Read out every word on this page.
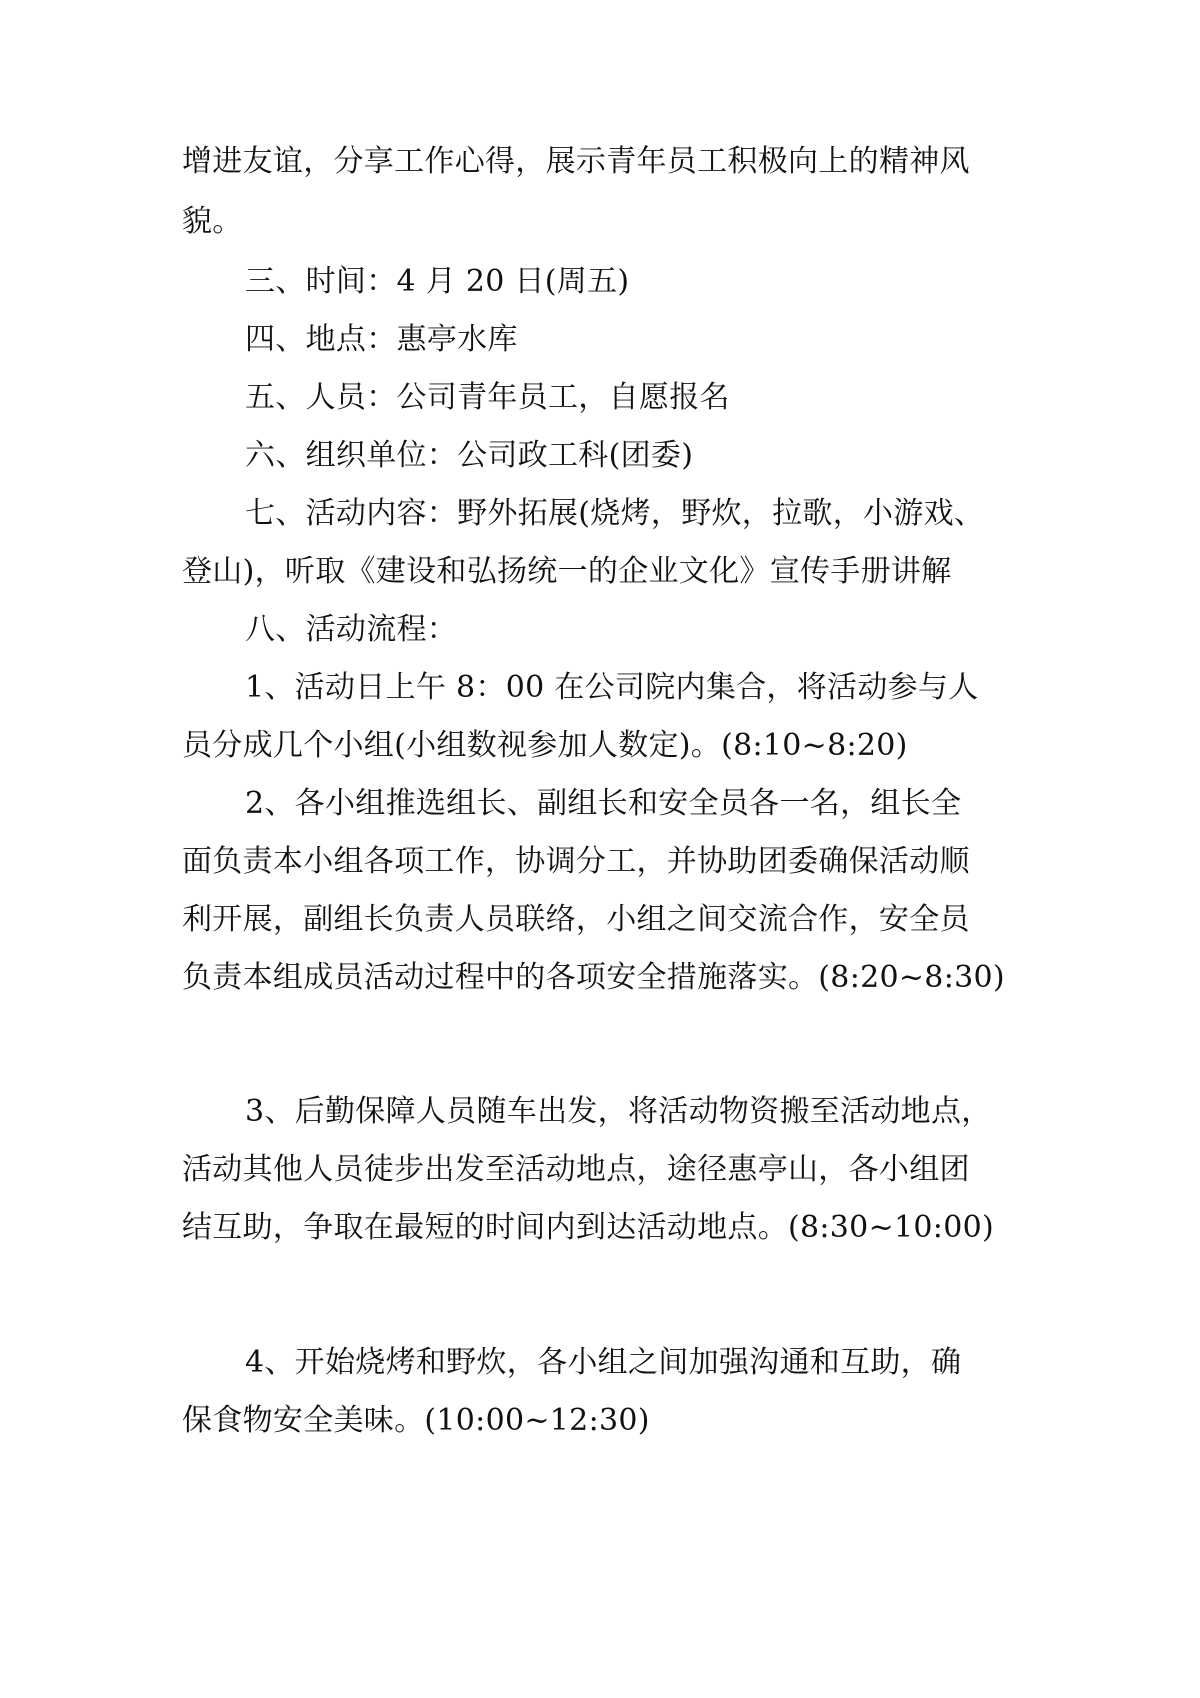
增进友谊，分享工作心得，展示青年员工积极向上的精神风

貌。

三、时间：4 月 20 日(周五)

四、地点：惠亭水库

五、人员：公司青年员工，自愿报名

六、组织单位：公司政工科(团委)

七、活动内容：野外拓展(烧烤，野炊，拉歌，小游戏、

登山)，听取《建设和弘扬统一的企业文化》宣传手册讲解

八、活动流程：

1、活动日上午 8：00 在公司院内集合，将活动参与人

员分成几个小组(小组数视参加人数定)。(8:10~8:20)

2、各小组推选组长、副组长和安全员各一名，组长全

面负责本小组各项工作，协调分工，并协助团委确保活动顺

利开展，副组长负责人员联络，小组之间交流合作，安全员

负责本组成员活动过程中的各项安全措施落实。(8:20~8:30)

3、后勤保障人员随车出发，将活动物资搬至活动地点，

活动其他人员徒步出发至活动地点，途径惠亭山，各小组团

结互助，争取在最短的时间内到达活动地点。(8:30~10:00)

4、开始烧烤和野炊，各小组之间加强沟通和互助，确

保食物安全美味。(10:00~12:30)
